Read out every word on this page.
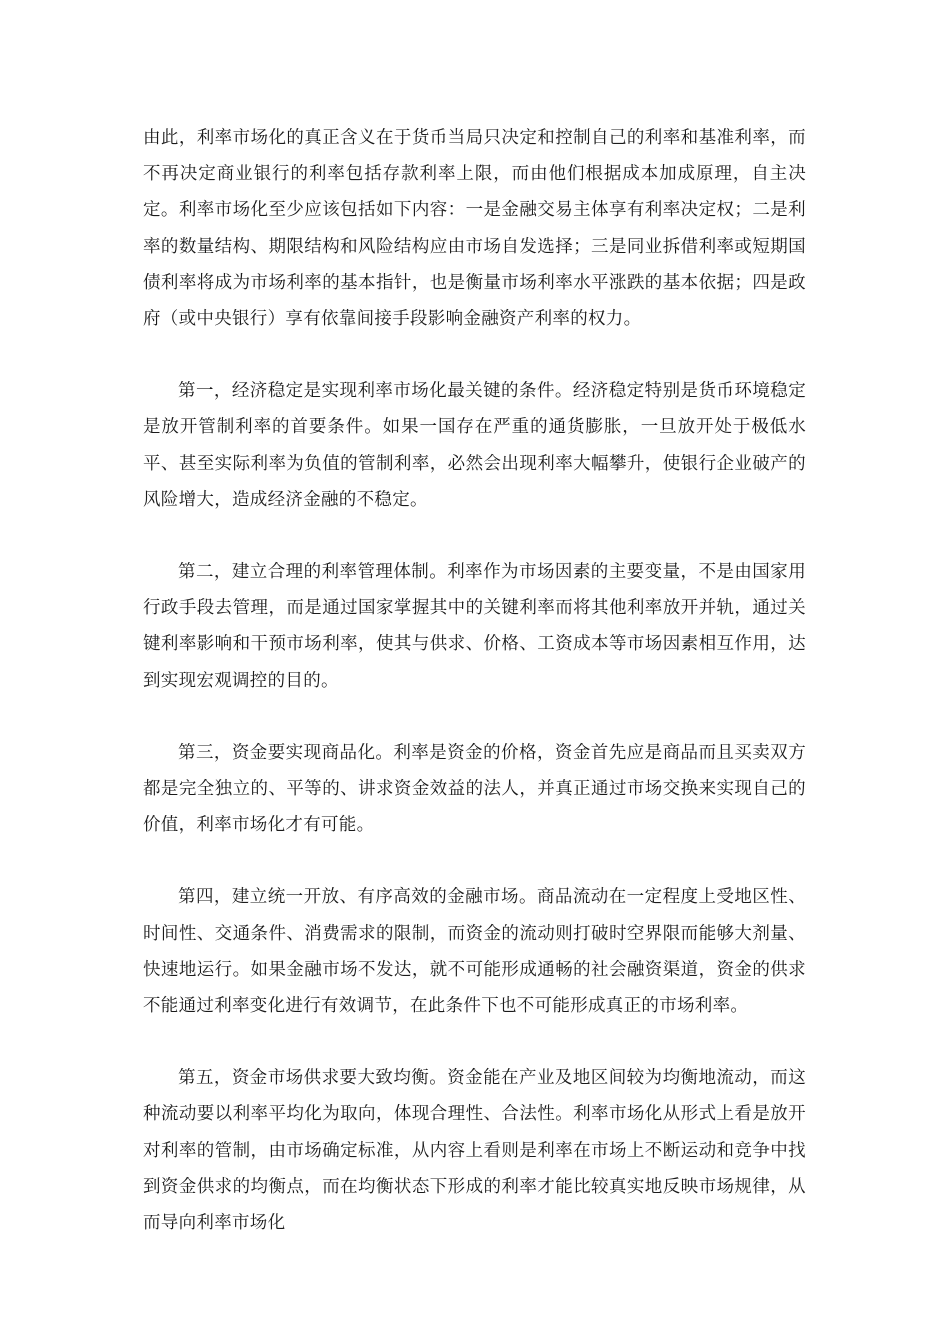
由此，利率市场化的真正含义在于货币当局只决定和控制自己的利率和基准利率，而不再决定商业银行的利率包括存款利率上限，而由他们根据成本加成原理，自主决定。利率市场化至少应该包括如下内容：一是金融交易主体享有利率决定权；二是利率的数量结构、期限结构和风险结构应由市场自发选择；三是同业拆借利率或短期国债利率将成为市场利率的基本指针，也是衡量市场利率水平涨跌的基本依据；四是政府（或中央银行）享有依靠间接手段影响金融资产利率的权力。

第一，经济稳定是实现利率市场化最关键的条件。经济稳定特别是货币环境稳定是放开管制利率的首要条件。如果一国存在严重的通货膨胀，一旦放开处于极低水平、甚至实际利率为负值的管制利率，必然会出现利率大幅攀升，使银行企业破产的风险增大，造成经济金融的不稳定。

第二，建立合理的利率管理体制。利率作为市场因素的主要变量，不是由国家用行政手段去管理，而是通过国家掌握其中的关键利率而将其他利率放开并轨，通过关键利率影响和干预市场利率，使其与供求、价格、工资成本等市场因素相互作用，达到实现宏观调控的目的。

第三，资金要实现商品化。利率是资金的价格，资金首先应是商品而且买卖双方都是完全独立的、平等的、讲求资金效益的法人，并真正通过市场交换来实现自己的价值，利率市场化才有可能。

第四，建立统一开放、有序高效的金融市场。商品流动在一定程度上受地区性、时间性、交通条件、消费需求的限制，而资金的流动则打破时空界限而能够大剂量、快速地运行。如果金融市场不发达，就不可能形成通畅的社会融资渠道，资金的供求不能通过利率变化进行有效调节，在此条件下也不可能形成真正的市场利率。

第五，资金市场供求要大致均衡。资金能在产业及地区间较为均衡地流动，而这种流动要以利率平均化为取向，体现合理性、合法性。利率市场化从形式上看是放开对利率的管制，由市场确定标准，从内容上看则是利率在市场上不断运动和竞争中找到资金供求的均衡点，而在均衡状态下形成的利率才能比较真实地反映市场规律，从而导向利率市场化
